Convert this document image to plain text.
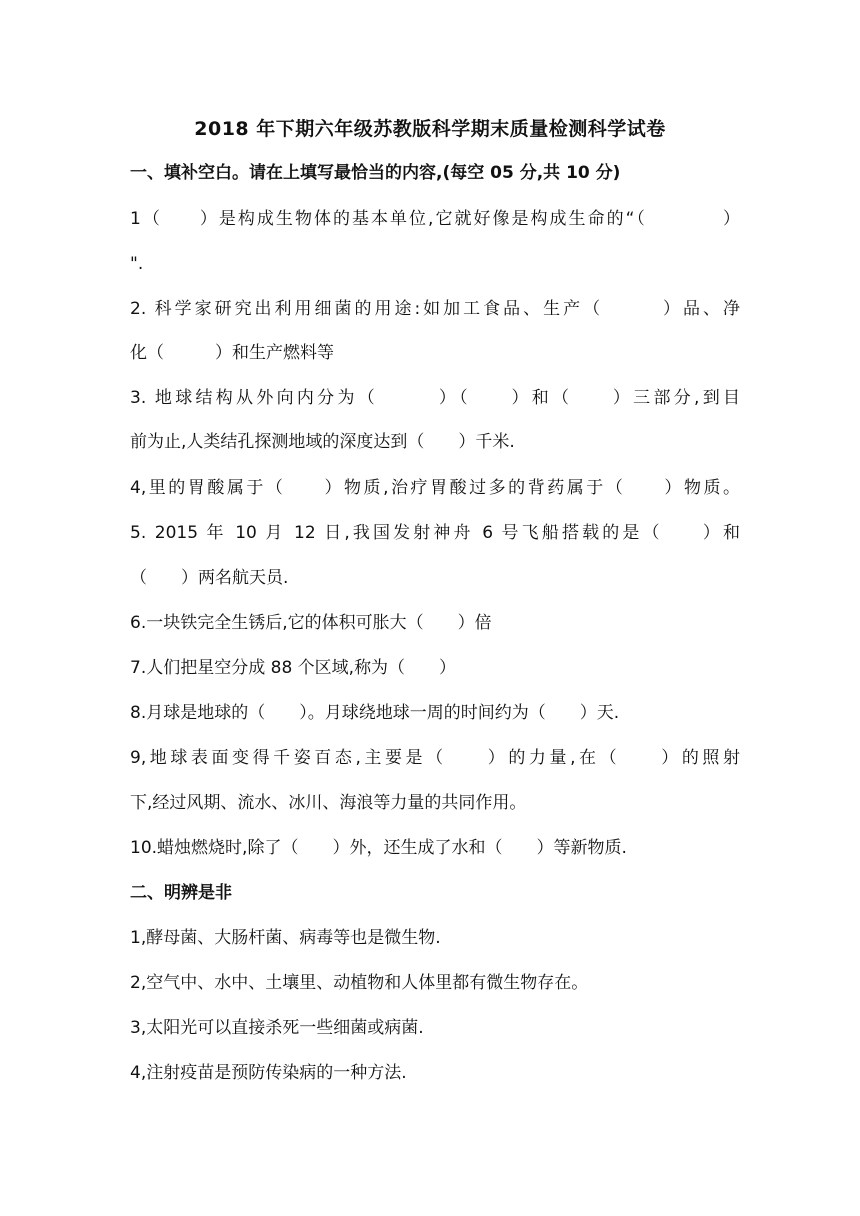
2018 年下期六年级苏教版科学期末质量检测科学试卷
一、填补空白。请在上填写最恰当的内容,(每空 05 分,共 10 分)
1（　　）是构成生物体的基本单位,它就好像是构成生命的“（　　　　）
".
2. 科学家研究出利用细菌的用途:如加工食品、生产（　　　）品、净
化（　　　）和生产燃料等
3. 地球结构从外向内分为（　　　）（　　）和（　　）三部分,到目
前为止,人类结孔探测地域的深度达到（　　）千米.
4,里的胃酸属于（　　）物质,治疗胃酸过多的背药属于（　　）物质。
5. 2015 年 10 月 12 日,我国发射神舟 6 号飞船搭载的是（　　）和
（　　）两名航天员.
6.一块铁完全生锈后,它的体积可胀大（　　）倍
7.人们把星空分成 88 个区域,称为（　　）
8.月球是地球的（　　）。月球绕地球一周的时间约为（　　）天.
9,地球表面变得千姿百态,主要是（　　）的力量,在（　　）的照射
下,经过风期、流水、冰川、海浪等力量的共同作用。
10.蜡烛燃烧时,除了（　　）外，还生成了水和（　　）等新物质.
二、明辨是非
1,酵母菌、大肠杆菌、病毒等也是微生物.
2,空气中、水中、土壤里、动植物和人体里都有微生物存在。
3,太阳光可以直接杀死一些细菌或病菌.
4,注射疫苗是预防传染病的一种方法.
